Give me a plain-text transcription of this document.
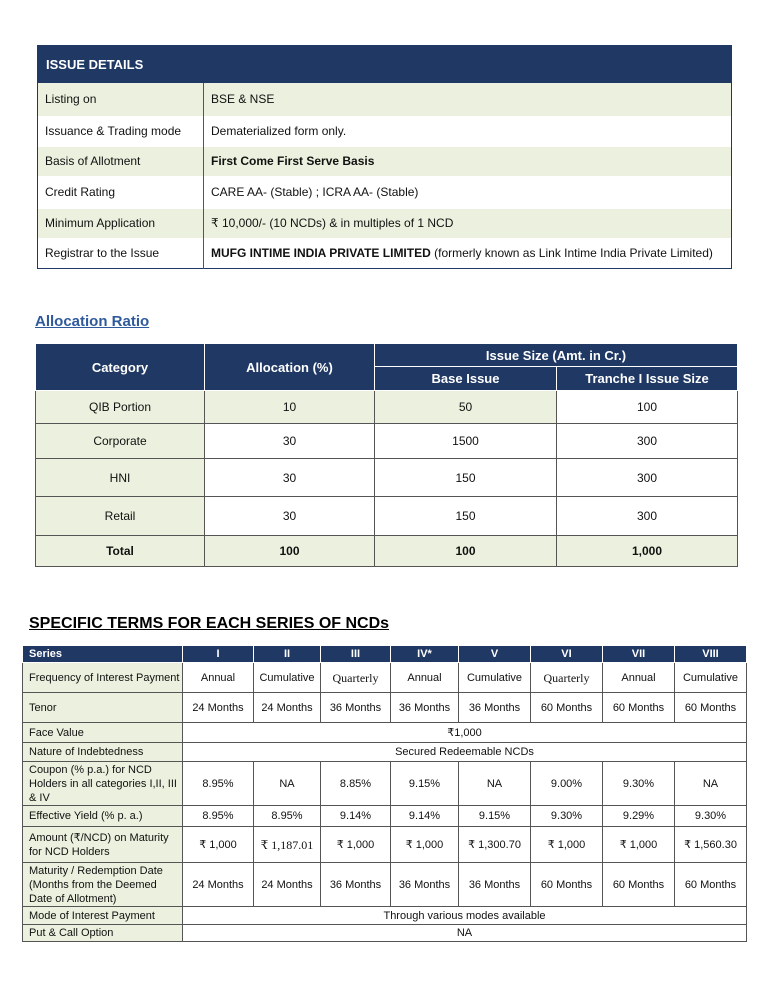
ISSUE DETAILS	
Listing on	BSE & NSE
Issuance & Trading mode	Dematerialized form only.
Basis of Allotment	First Come First Serve Basis
Credit Rating	CARE AA- (Stable) ; ICRA AA- (Stable)
Minimum Application	₹ 10,000/- (10 NCDs) & in multiples of 1 NCD
Registrar to the Issue	MUFG INTIME INDIA PRIVATE LIMITED (formerly known as Link Intime India Private Limited)
Allocation Ratio
Category	Allocation (%)	Issue Size (Amt. in Cr.)	
		Base Issue	Tranche I Issue Size
QIB Portion	10	50	100
Corporate	30	1500	300
HNI	30	150	300
Retail	30	150	300
Total	100	100	1,000
SPECIFIC TERMS FOR EACH SERIES OF NCDs
Series	I	II	III	IV*	V	VI	VII	VIII
Frequency of Interest Payment	Annual	Cumulative	Quarterly	Annual	Cumulative	Quarterly	Annual	Cumulative
Tenor	24 Months	24 Months	36 Months	36 Months	36 Months	60 Months	60 Months	60 Months
Face Value	₹1,000							
Nature of Indebtedness	Secured Redeemable NCDs							
Coupon (% p.a.) for NCD Holders in all categories I,II, III & IV	8.95%	NA	8.85%	9.15%	NA	9.00%	9.30%	NA
Effective Yield (% p. a.)	8.95%	8.95%	9.14%	9.14%	9.15%	9.30%	9.29%	9.30%
Amount (₹/NCD) on Maturity for NCD Holders	₹ 1,000	₹ 1,187.01	₹ 1,000	₹ 1,000	₹ 1,300.70	₹ 1,000	₹ 1,000	₹ 1,560.30
Maturity / Redemption Date (Months from the Deemed Date of Allotment)	24 Months	24 Months	36 Months	36 Months	36 Months	60 Months	60 Months	60 Months
Mode of Interest Payment	Through various modes available							
Put & Call Option	NA							
